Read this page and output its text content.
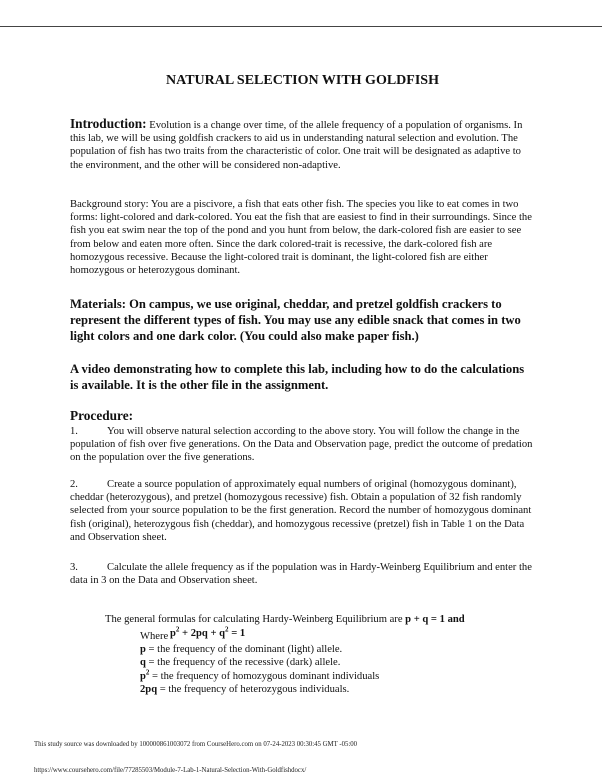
NATURAL SELECTION WITH GOLDFISH

Introduction: Evolution is a change over time, of the allele frequency of a population of organisms. In this lab, we will be using goldfish crackers to aid us in understanding natural selection and evolution. The population of fish has two traits from the characteristic of color. One trait will be designated as adaptive to the environment, and the other will be considered non-adaptive.

Background story: You are a piscivore, a fish that eats other fish. The species you like to eat comes in two forms: light-colored and dark-colored. You eat the fish that are easiest to find in their surroundings. Since the fish you eat swim near the top of the pond and you hunt from below, the dark-colored fish are easier to see from below and eaten more often. Since the dark colored-trait is recessive, the dark-colored fish are homozygous recessive. Because the light-colored trait is dominant, the light-colored fish are either homozygous or heterozygous dominant.

Materials: On campus, we use original, cheddar, and pretzel goldfish crackers to represent the different types of fish. You may use any edible snack that comes in two light colors and one dark color. (You could also make paper fish.)

A video demonstrating how to complete this lab, including how to do the calculations is available. It is the other file in the assignment.

Procedure:

1.	You will observe natural selection according to the above story. You will follow the change in the population of fish over five generations. On the Data and Observation page, predict the outcome of predation on the population over the five generations.

2.	Create a source population of approximately equal numbers of original (homozygous dominant), cheddar (heterozygous), and pretzel (homozygous recessive) fish. Obtain a population of 32 fish randomly selected from your source population to be the first generation. Record the number of homozygous dominant fish (original), heterozygous fish (cheddar), and homozygous recessive (pretzel) fish in Table 1 on the Data and Observation sheet.

3.	Calculate the allele frequency as if the population was in Hardy-Weinberg Equilibrium and enter the data in 3 on the Data and Observation sheet.

The general formulas for calculating Hardy-Weinberg Equilibrium are p + q = 1 and

$p^2 + 2pq + q^2 = 1$

Where
p = the frequency of the dominant (light) allele.
q = the frequency of the recessive (dark) allele.
$p^2$ = the frequency of homozygous dominant individuals
2pq = the frequency of heterozygous individuals.
This study source was downloaded by 100000861003072 from CourseHero.com on 07-24-2023 00:30:45 GMT -05:00
https://www.coursehero.com/file/77285503/Module-7-Lab-1-Natural-Selection-With-Goldfishdocx/
